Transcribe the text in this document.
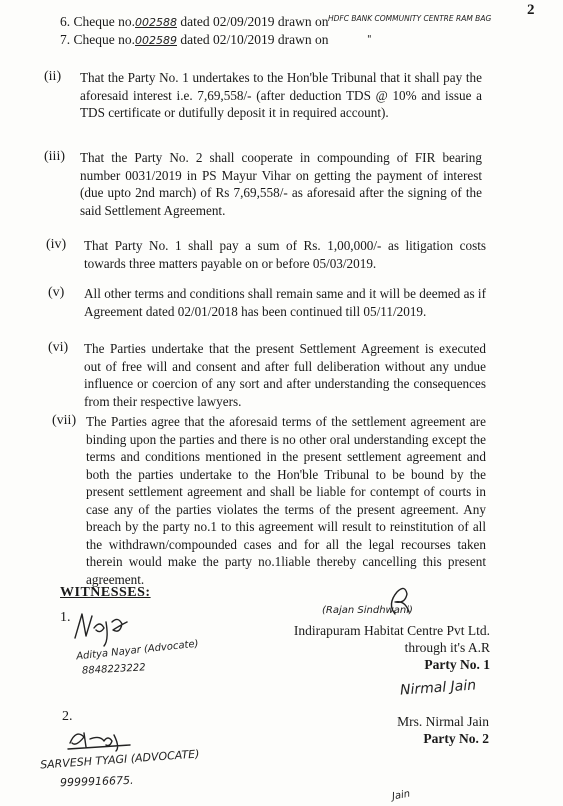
2
6. Cheque no.002588 dated 02/09/2019 drawn on HDFC BANK COMMUNITY CENTRE RAM BAG
7. Cheque no.002589 dated 02/10/2019 drawn on	"
(ii) That the Party No. 1 undertakes to the Hon'ble Tribunal that it shall pay the aforesaid interest i.e. 7,69,558/- (after deduction TDS @ 10% and issue a TDS certificate or dutifully deposit it in required account).

(iii) That the Party No. 2 shall cooperate in compounding of FIR bearing number 0031/2019 in PS Mayur Vihar on getting the payment of interest (due upto 2nd march) of Rs 7,69,558/- as aforesaid after the signing of the said Settlement Agreement.

(iv) That Party No. 1 shall pay a sum of Rs. 1,00,000/- as litigation costs towards three matters payable on or before 05/03/2019.

(v) All other terms and conditions shall remain same and it will be deemed as if Agreement dated 02/01/2018 has been continued till 05/11/2019.

(vi) The Parties undertake that the present Settlement Agreement is executed out of free will and consent and after full deliberation without any undue influence or coercion of any sort and after understanding the consequences from their respective lawyers.

(vii) The Parties agree that the aforesaid terms of the settlement agreement are binding upon the parties and there is no other oral understanding except the terms and conditions mentioned in the present settlement agreement and both the parties undertake to the Hon'ble Tribunal to be bound by the present settlement agreement and shall be liable for contempt of courts in case any of the parties violates the terms of the present agreement. Any breach by the party no.1 to this agreement will result to reinstitution of all the withdrawn/compounded cases and for all the legal recourses taken therein would make the party no.1liable thereby cancelling this present agreement.

WITNESSES:
1.
Aditya Nayar (Advocate)
8848223222
2.
SARVESH TYAGI (ADVOCATE)
9999916675.
(Rajan Sindhwani)
Indirapuram Habitat Centre Pvt Ltd.
through it's A.R
Party No. 1
Nirmal Jain
Mrs. Nirmal Jain
Party No. 2
Jain
